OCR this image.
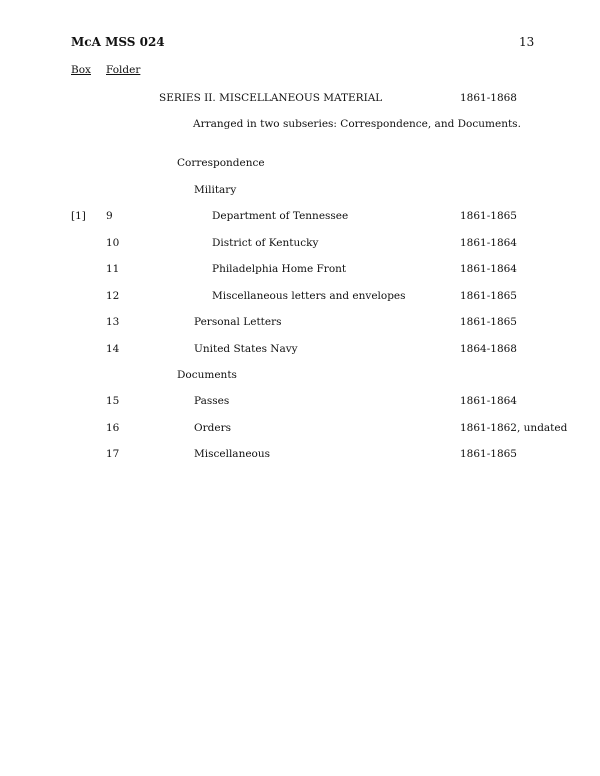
McA MSS 024	13
Box Folder
SERIES II. MISCELLANEOUS MATERIAL	1861-1868
Arranged in two subseries: Correspondence, and Documents.
Correspondence
Military
[1] 9	Department of Tennessee	1861-1865
10	District of Kentucky	1861-1864
11	Philadelphia Home Front	1861-1864
12	Miscellaneous letters and envelopes	1861-1865
13	Personal Letters	1861-1865
14	United States Navy	1864-1868
Documents
15	Passes	1861-1864
16	Orders	1861-1862, undated
17	Miscellaneous	1861-1865
